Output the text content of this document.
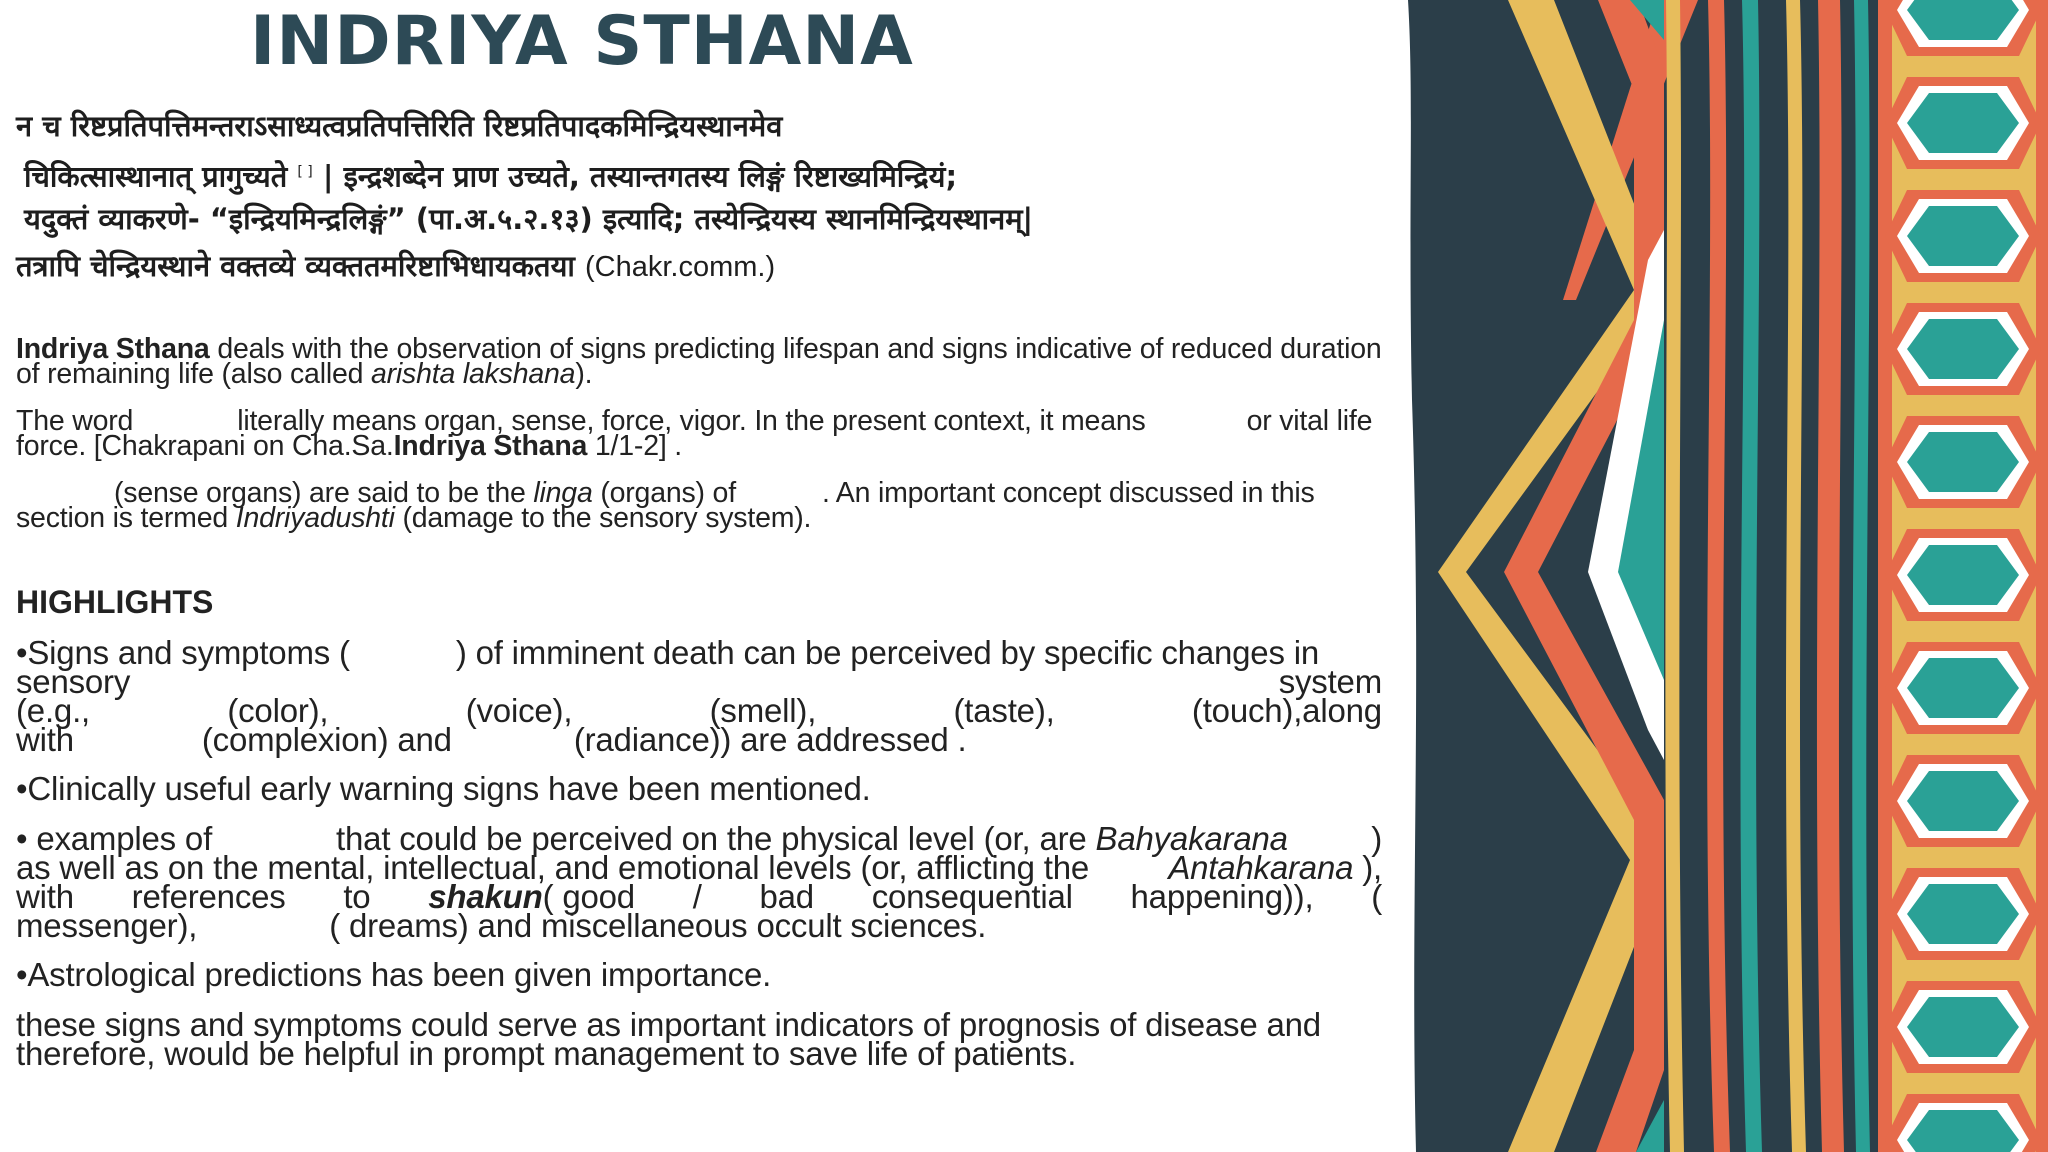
INDRIYA STHANA

न च रिष्टप्रतिपत्तिमन्तराऽसाध्यत्वप्रतिपत्तिरिति रिष्टप्रतिपादकमिन्द्रियस्थानमेव

चिकित्सास्थानात् प्रागुच्यते [ ] | इन्द्रशब्देन प्राण उच्यते, तस्यान्तगतस्य लिङ्गं रिष्टाख्यमिन्द्रियं;

यदुक्तं व्याकरणे- “इन्द्रियमिन्द्रलिङ्गं” (पा.अ.५.२.१३) इत्यादि; तस्येन्द्रियस्य स्थानमिन्द्रियस्थानम्|

तत्रापि चेन्द्रियस्थाने वक्तव्ये व्यक्ततमरिष्टाभिधायकतया (Chakr.comm.)

Indriya Sthana deals with the observation of signs predicting lifespan and signs indicative of reduced duration of remaining life (also called arishta lakshana).

The word	literally means organ, sense, force, vigor. In the present context, it means	or vital life force. [Chakrapani on Cha.Sa.Indriya Sthana 1/1-2] .

(sense organs) are said to be the linga (organs) of	. An important concept discussed in this section is termed Indriyadushti (damage to the sensory system).

HIGHLIGHTS
•Signs and symptoms (	) of imminent death can be perceived by specific changes in
sensory	system
(e.g.,	(color),	(voice),	(smell),	(taste),	(touch),along
with	(complexion) and	(radiance)) are addressed .

•Clinically useful early warning signs have been mentioned.

• examples of	that could be perceived on the physical level (or, are Bahyakarana	)
as well as on the mental, intellectual, and emotional levels (or, afflicting the Antahkarana ),
with references to shakun( good / bad consequential happening)), (
messenger),	( dreams) and miscellaneous occult sciences.

•Astrological predictions has been given importance.

these signs and symptoms could serve as important indicators of prognosis of disease and therefore, would be helpful in prompt management to save life of patients.
